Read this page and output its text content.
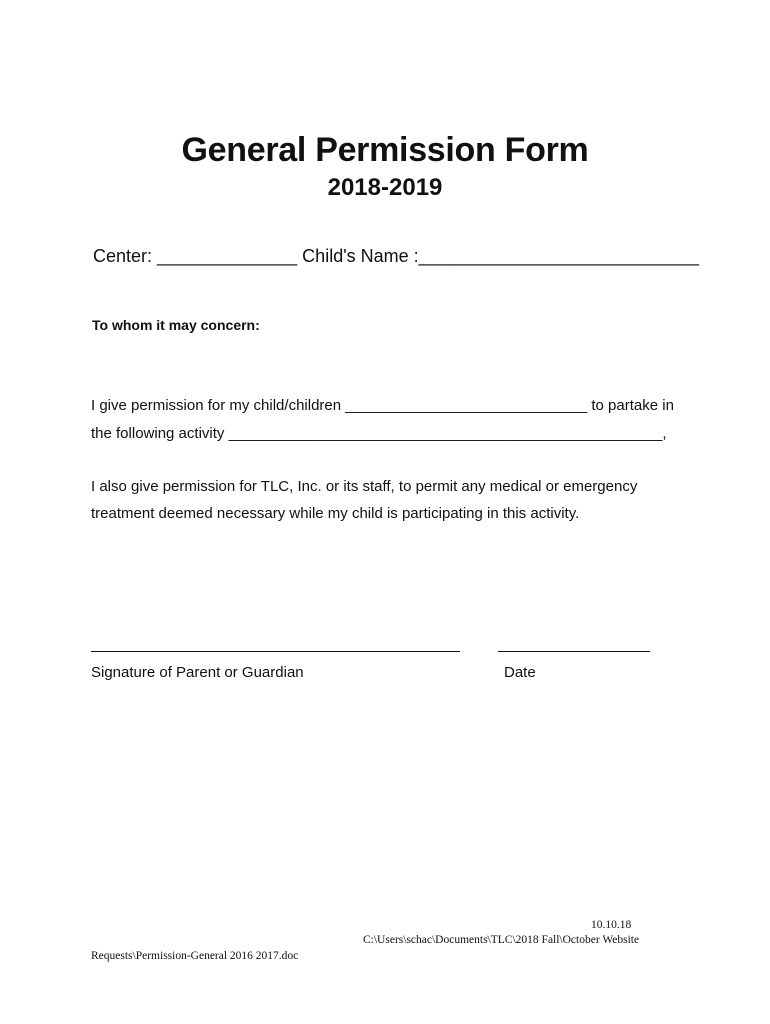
General Permission Form
2018-2019
Center: ______________ Child's Name :____________________________
To whom it may concern:
I give permission for my child/children _____________________________ to partake in
the following activity ____________________________________________________,
I also give permission for TLC, Inc. or its staff, to permit any medical or emergency
treatment deemed necessary while my child is participating in this activity.
Signature of Parent or Guardian	Date
10.10.18
C:\Users\schac\Documents\TLC\2018 Fall\October Website
Requests\Permission-General 2016 2017.doc
